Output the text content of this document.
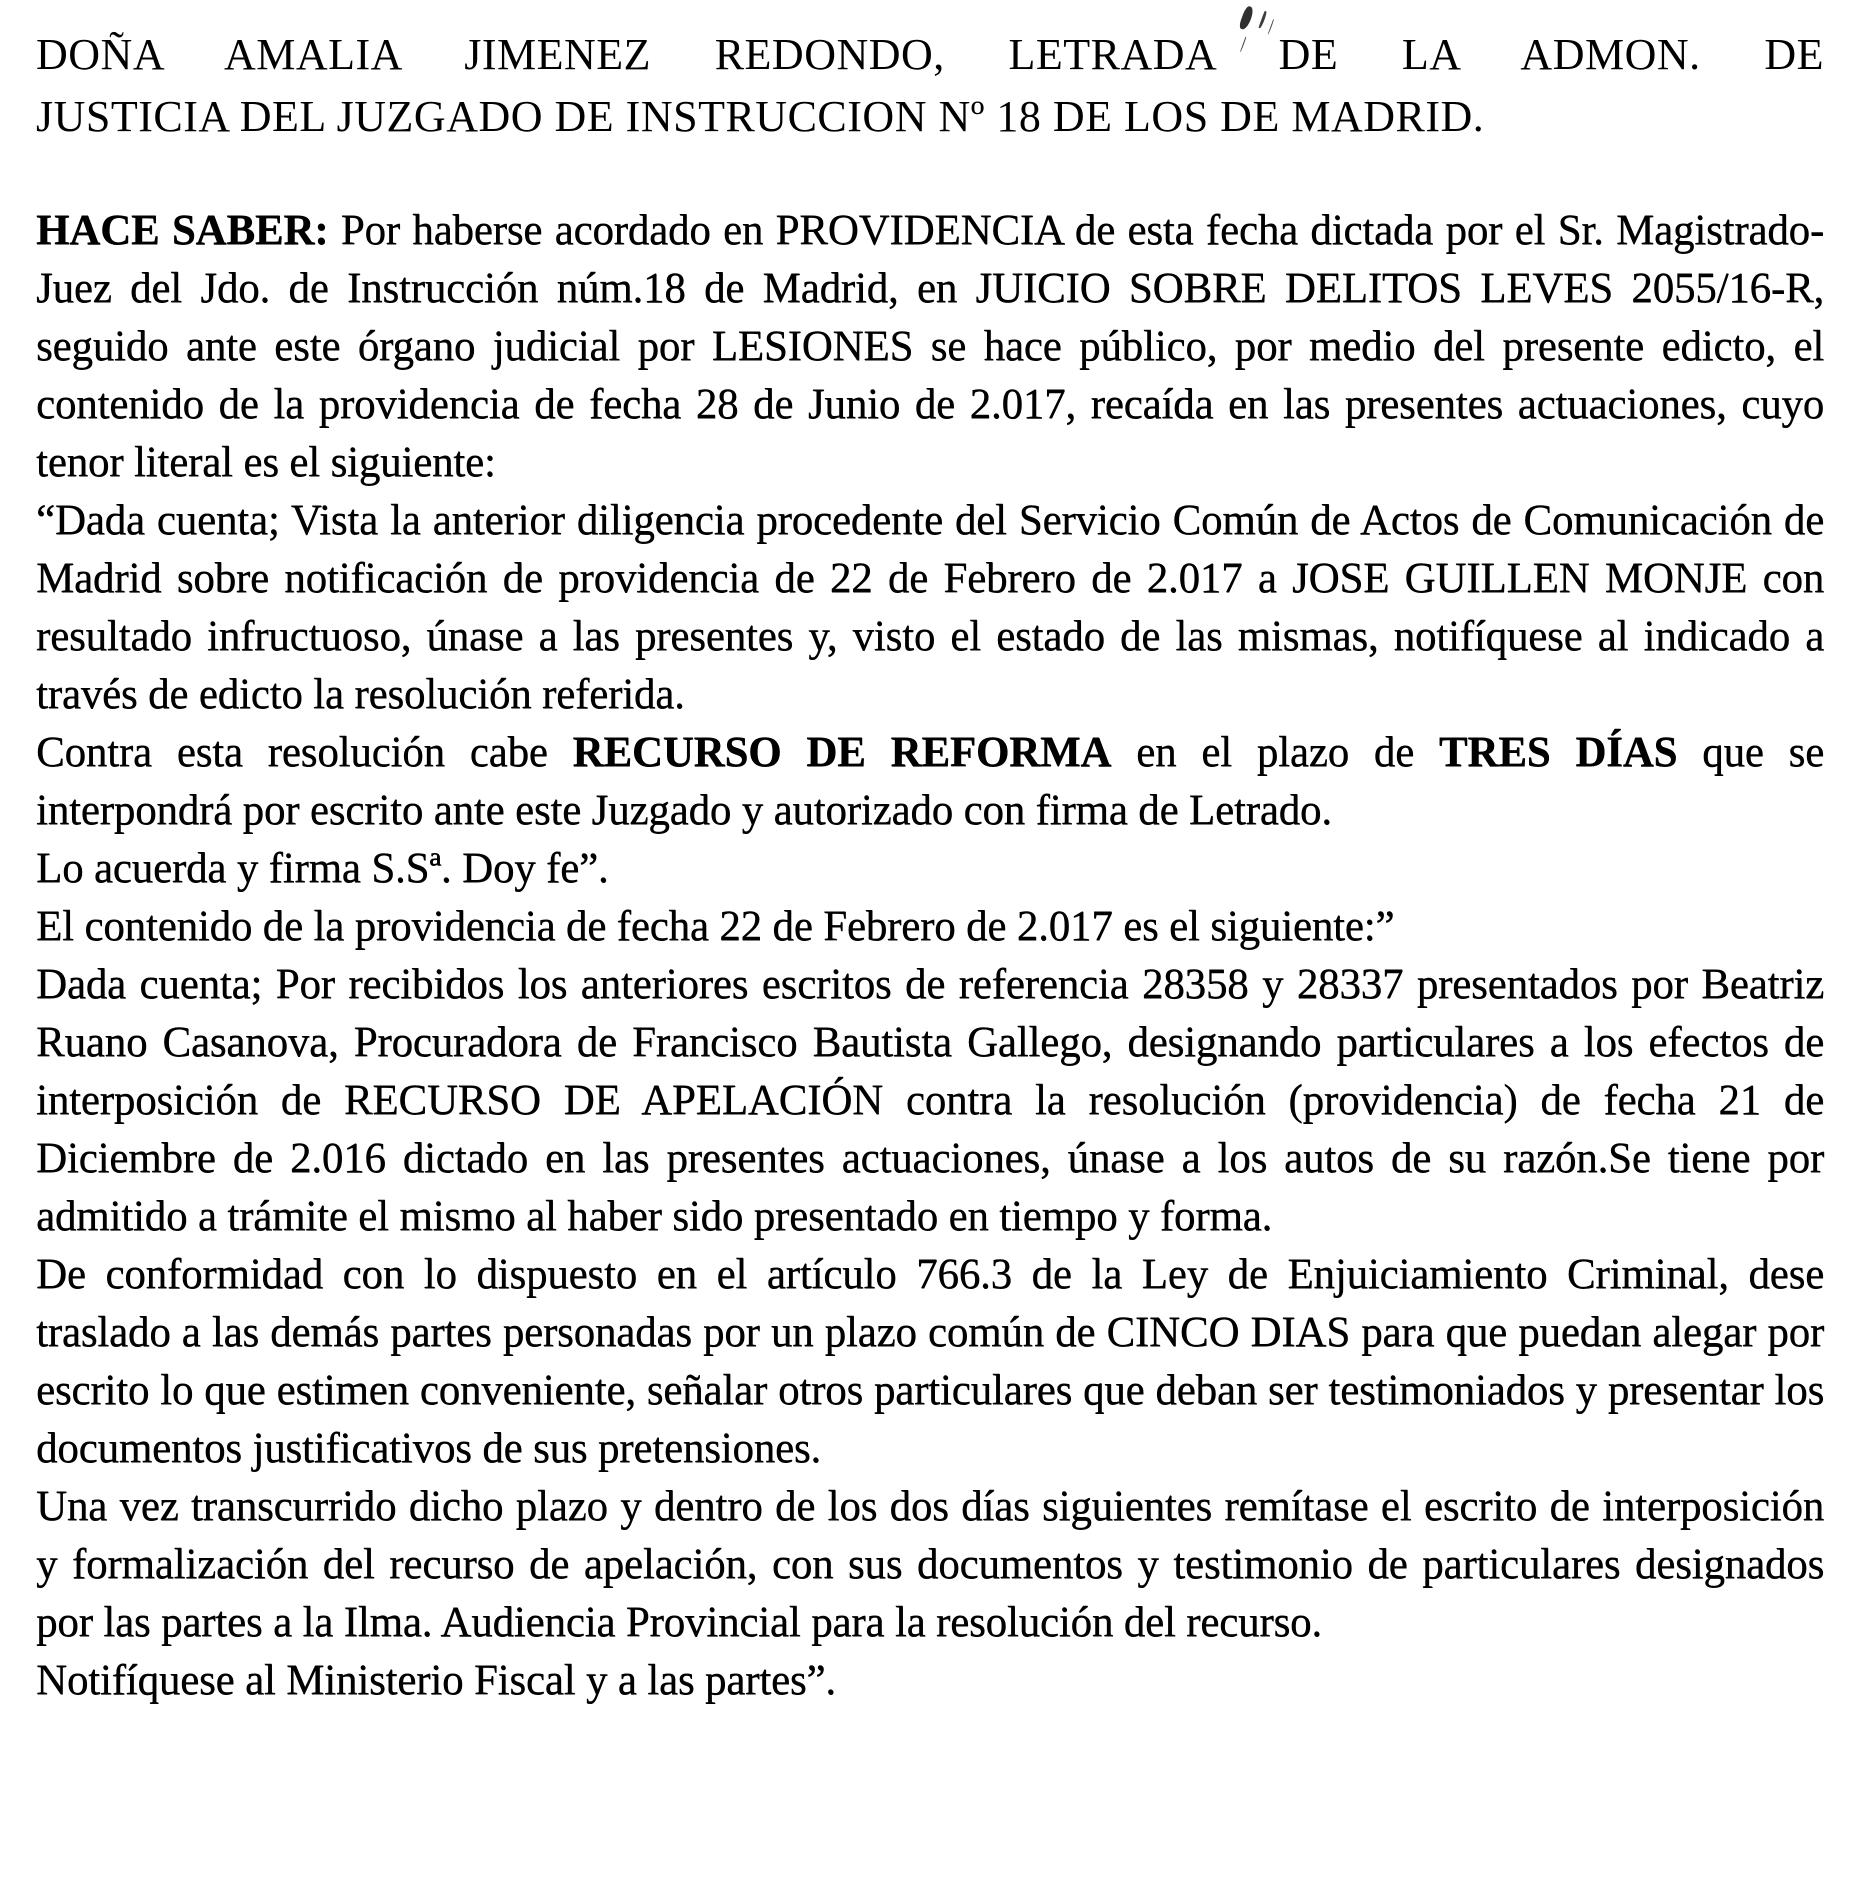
DOÑA AMALIA JIMENEZ REDONDO, LETRADA DE LA ADMON. DE
JUSTICIA DEL JUZGADO DE INSTRUCCION Nº 18 DE LOS DE MADRID.

HACE SABER: Por haberse acordado en PROVIDENCIA de esta fecha dictada por el Sr. Magistrado-Juez del Jdo. de Instrucción núm.18 de Madrid, en JUICIO SOBRE DELITOS LEVES 2055/16-R, seguido ante este órgano judicial por LESIONES se hace público, por medio del presente edicto, el contenido de la providencia de fecha 28 de Junio de 2.017, recaída en las presentes actuaciones, cuyo tenor literal es el siguiente:

“Dada cuenta; Vista la anterior diligencia procedente del Servicio Común de Actos de Comunicación de Madrid sobre notificación de providencia de 22 de Febrero de 2.017 a JOSE GUILLEN MONJE con resultado infructuoso, únase a las presentes y, visto el estado de las mismas, notifíquese al indicado a través de edicto la resolución referida.

Contra esta resolución cabe RECURSO DE REFORMA en el plazo de TRES DÍAS que se interpondrá por escrito ante este Juzgado y autorizado con firma de Letrado.

Lo acuerda y firma S.Sª. Doy fe”.

El contenido de la providencia de fecha 22 de Febrero de 2.017 es el siguiente:”

Dada cuenta; Por recibidos los anteriores escritos de referencia 28358 y 28337 presentados por Beatriz Ruano Casanova, Procuradora de Francisco Bautista Gallego, designando particulares a los efectos de interposición de RECURSO DE APELACIÓN contra la resolución (providencia) de fecha 21 de Diciembre de 2.016 dictado en las presentes actuaciones, únase a los autos de su razón.Se tiene por admitido a trámite el mismo al haber sido presentado en tiempo y forma.

De conformidad con lo dispuesto en el artículo 766.3 de la Ley de Enjuiciamiento Criminal, dese traslado a las demás partes personadas por un plazo común de CINCO DIAS para que puedan alegar por escrito lo que estimen conveniente, señalar otros particulares que deban ser testimoniados y presentar los documentos justificativos de sus pretensiones.

Una vez transcurrido dicho plazo y dentro de los dos días siguientes remítase el escrito de interposición y formalización del recurso de apelación, con sus documentos y testimonio de particulares designados por las partes a la Ilma. Audiencia Provincial para la resolución del recurso.

Notifíquese al Ministerio Fiscal y a las partes”.
